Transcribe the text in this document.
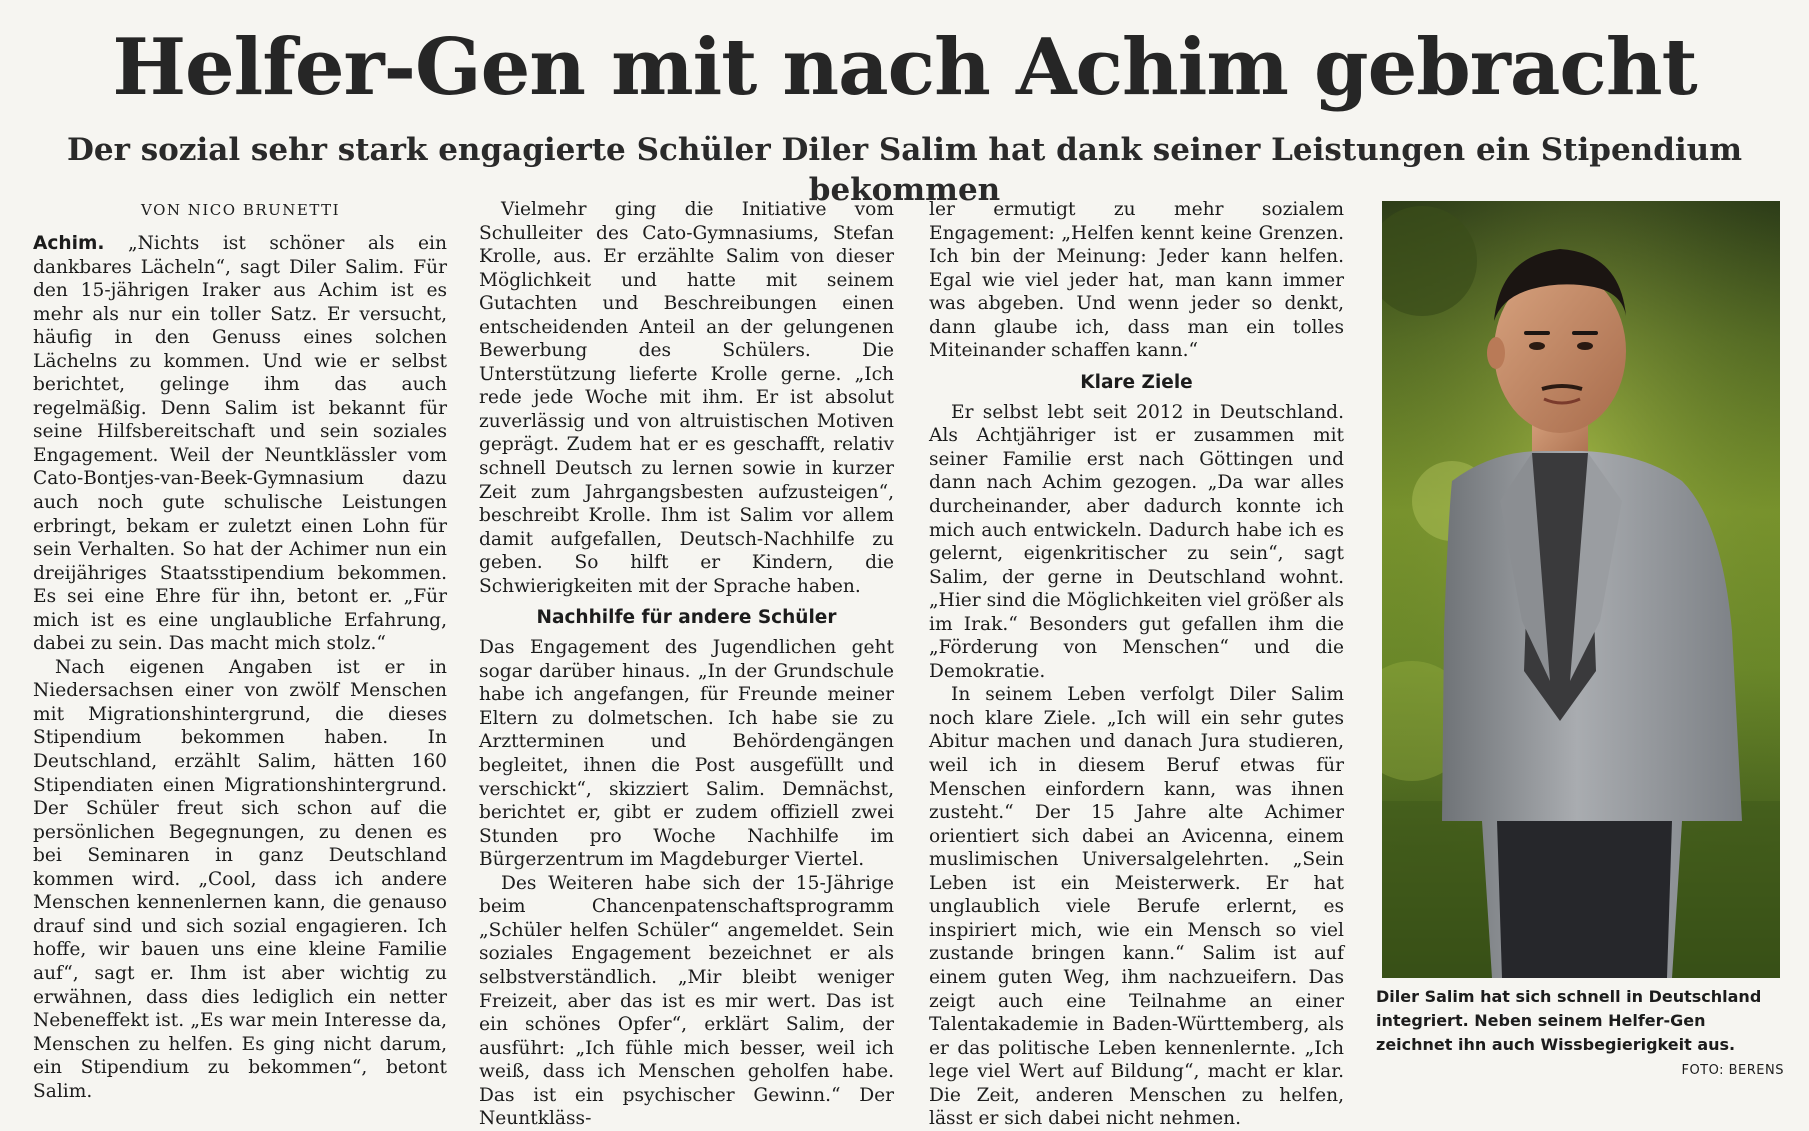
Helfer-Gen mit nach Achim gebracht
Der sozial sehr stark engagierte Schüler Diler Salim hat dank seiner Leistungen ein Stipendium bekommen
VON NICO BRUNETTI

Achim. „Nichts ist schöner als ein dankbares Lächeln“, sagt Diler Salim. Für den 15-jährigen Iraker aus Achim ist es mehr als nur ein toller Satz. Er versucht, häufig in den Genuss eines solchen Lächelns zu kommen. Und wie er selbst berichtet, gelinge ihm das auch regelmäßig. Denn Salim ist bekannt für seine Hilfsbereitschaft und sein soziales Engagement. Weil der Neuntklässler vom Cato-Bontjes-van-Beek-Gymnasium dazu auch noch gute schulische Leistungen erbringt, bekam er zuletzt einen Lohn für sein Verhalten. So hat der Achimer nun ein dreijähriges Staatsstipendium bekommen. Es sei eine Ehre für ihn, betont er. „Für mich ist es eine unglaubliche Erfahrung, dabei zu sein. Das macht mich stolz.“

Nach eigenen Angaben ist er in Niedersachsen einer von zwölf Menschen mit Migrationshintergrund, die dieses Stipendium bekommen haben. In Deutschland, erzählt Salim, hätten 160 Stipendiaten einen Migrationshintergrund. Der Schüler freut sich schon auf die persönlichen Begegnungen, zu denen es bei Seminaren in ganz Deutschland kommen wird. „Cool, dass ich andere Menschen kennenlernen kann, die genauso drauf sind und sich sozial engagieren. Ich hoffe, wir bauen uns eine kleine Familie auf“, sagt er. Ihm ist aber wichtig zu erwähnen, dass dies lediglich ein netter Nebeneffekt ist. „Es war mein Interesse da, Menschen zu helfen. Es ging nicht darum, ein Stipendium zu bekommen“, betont Salim.

Vielmehr ging die Initiative vom Schulleiter des Cato-Gymnasiums, Stefan Krolle, aus. Er erzählte Salim von dieser Möglichkeit und hatte mit seinem Gutachten und Beschreibungen einen entscheidenden Anteil an der gelungenen Bewerbung des Schülers. Die Unterstützung lieferte Krolle gerne. „Ich rede jede Woche mit ihm. Er ist absolut zuverlässig und von altruistischen Motiven geprägt. Zudem hat er es geschafft, relativ schnell Deutsch zu lernen sowie in kurzer Zeit zum Jahrgangsbesten aufzusteigen“, beschreibt Krolle. Ihm ist Salim vor allem damit aufgefallen, Deutsch-Nachhilfe zu geben. So hilft er Kindern, die Schwierigkeiten mit der Sprache haben.

Nachhilfe für andere Schüler

Das Engagement des Jugendlichen geht sogar darüber hinaus. „In der Grundschule habe ich angefangen, für Freunde meiner Eltern zu dolmetschen. Ich habe sie zu Arztterminen und Behördengängen begleitet, ihnen die Post ausgefüllt und verschickt“, skizziert Salim. Demnächst, berichtet er, gibt er zudem offiziell zwei Stunden pro Woche Nachhilfe im Bürgerzentrum im Magdeburger Viertel.

Des Weiteren habe sich der 15-Jährige beim Chancenpatenschaftsprogramm „Schüler helfen Schüler“ angemeldet. Sein soziales Engagement bezeichnet er als selbstverständlich. „Mir bleibt weniger Freizeit, aber das ist es mir wert. Das ist ein schönes Opfer“, erklärt Salim, der ausführt: „Ich fühle mich besser, weil ich weiß, dass ich Menschen geholfen habe. Das ist ein psychischer Gewinn.“ Der Neuntkläss-

ler ermutigt zu mehr sozialem Engagement: „Helfen kennt keine Grenzen. Ich bin der Meinung: Jeder kann helfen. Egal wie viel jeder hat, man kann immer was abgeben. Und wenn jeder so denkt, dann glaube ich, dass man ein tolles Miteinander schaffen kann.“

Klare Ziele

Er selbst lebt seit 2012 in Deutschland. Als Achtjähriger ist er zusammen mit seiner Familie erst nach Göttingen und dann nach Achim gezogen. „Da war alles durcheinander, aber dadurch konnte ich mich auch entwickeln. Dadurch habe ich es gelernt, eigenkritischer zu sein“, sagt Salim, der gerne in Deutschland wohnt. „Hier sind die Möglichkeiten viel größer als im Irak.“ Besonders gut gefallen ihm die „Förderung von Menschen“ und die Demokratie.

In seinem Leben verfolgt Diler Salim noch klare Ziele. „Ich will ein sehr gutes Abitur machen und danach Jura studieren, weil ich in diesem Beruf etwas für Menschen einfordern kann, was ihnen zusteht.“ Der 15 Jahre alte Achimer orientiert sich dabei an Avicenna, einem muslimischen Universalgelehrten. „Sein Leben ist ein Meisterwerk. Er hat unglaublich viele Berufe erlernt, es inspiriert mich, wie ein Mensch so viel zustande bringen kann.“ Salim ist auf einem guten Weg, ihm nachzueifern. Das zeigt auch eine Teilnahme an einer Talentakademie in Baden-Württemberg, als er das politische Leben kennenlernte. „Ich lege viel Wert auf Bildung“, macht er klar. Die Zeit, anderen Menschen zu helfen, lässt er sich dabei nicht nehmen.

Diler Salim hat sich schnell in Deutschland integriert. Neben seinem Helfer-Gen zeichnet ihn auch Wissbegierigkeit aus.
FOTO: BERENS
